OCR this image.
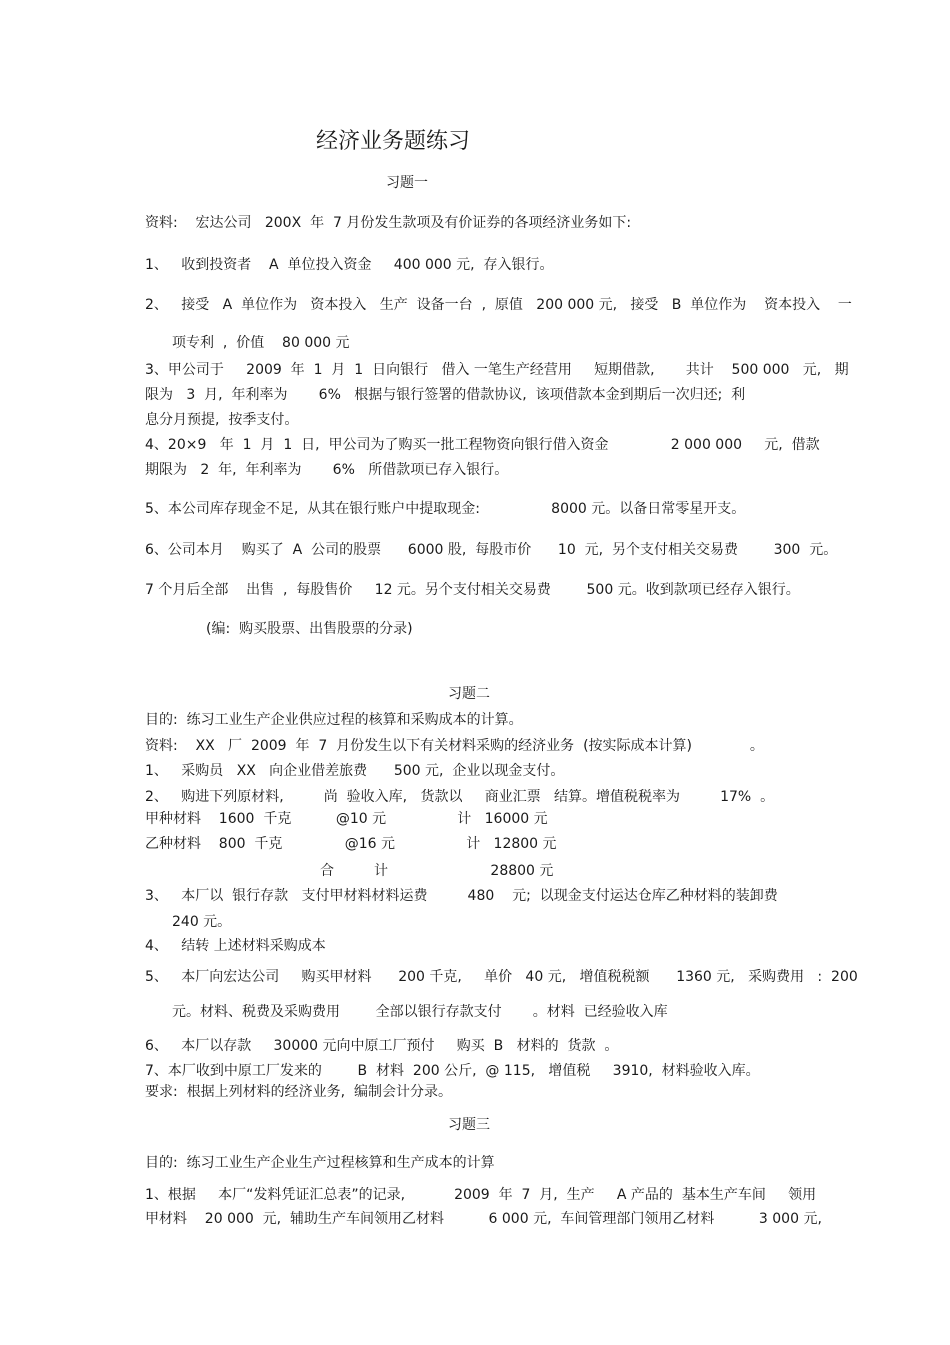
经济业务题练习
习题一
资料:    宏达公司   200X  年  7 月份发生款项及有价证券的各项经济业务如下:
1、   收到投资者    A  单位投入资金     400 000 元,  存入银行。
2、   接受   A  单位作为   资本投入   生产  设备一台  ,  原值   200 000 元,   接受   B  单位作为    资本投入    一
项专利  ,  价值    80 000 元
3、甲公司于     2009  年  1  月  1  日向银行   借入 一笔生产经营用     短期借款,       共计    500 000   元,   期
限为   3  月,  年利率为       6%   根据与银行签署的借款协议,  该项借款本金到期后一次归还;  利
息分月预提,  按季支付。
4、20×9   年  1  月  1  日,  甲公司为了购买一批工程物资向银行借入资金              2 000 000     元,  借款
期限为   2  年,  年利率为       6%   所借款项已存入银行。
5、本公司库存现金不足,  从其在银行账户中提取现金:                8000 元。以备日常零星开支。
6、公司本月    购买了  A  公司的股票      6000 股,  每股市价      10  元,  另个支付相关交易费        300  元。
7 个月后全部    出售  ,  每股售价     12 元。另个支付相关交易费        500 元。收到款项已经存入银行。
(编:  购买股票、出售股票的分录)
习题二
目的:  练习工业生产企业供应过程的核算和采购成本的计算。
资料:    XX   厂  2009  年  7  月份发生以下有关材料采购的经济业务  (按实际成本计算)             。
1、   采购员   XX   向企业借差旅费      500 元,  企业以现金支付。
2、   购进下列原材料,         尚  验收入库,   货款以     商业汇票   结算。增值税税率为         17%  。
甲种材料    1600  千克          @10 元                计   16000 元
乙种材料    800  千克              @16 元                计   12800 元
合         计                       28800 元
3、   本厂以  银行存款   支付甲材料材料运费         480    元;  以现金支付运达仓库乙种材料的装卸费
240 元。
4、   结转 上述材料采购成本
5、   本厂向宏达公司     购买甲材料      200 千克,     单价   40 元,   增值税税额      1360 元,   采购费用   :  200
元。材料、税费及采购费用        全部以银行存款支付       。材料  已经验收入库
6、   本厂以存款     30000 元向中原工厂预付     购买  B   材料的  货款  。
7、本厂收到中原工厂发来的        B  材料  200 公斤,  @ 115,   增值税     3910,  材料验收入库。
要求:  根据上列材料的经济业务,  编制会计分录。
习题三
目的:  练习工业生产企业生产过程核算和生产成本的计算
1、根据     本厂“发料凭证汇总表”的记录,           2009  年  7  月,  生产     A 产品的  基本生产车间     领用
甲材料    20 000  元,  辅助生产车间领用乙材料          6 000 元,  车间管理部门领用乙材料          3 000 元,
